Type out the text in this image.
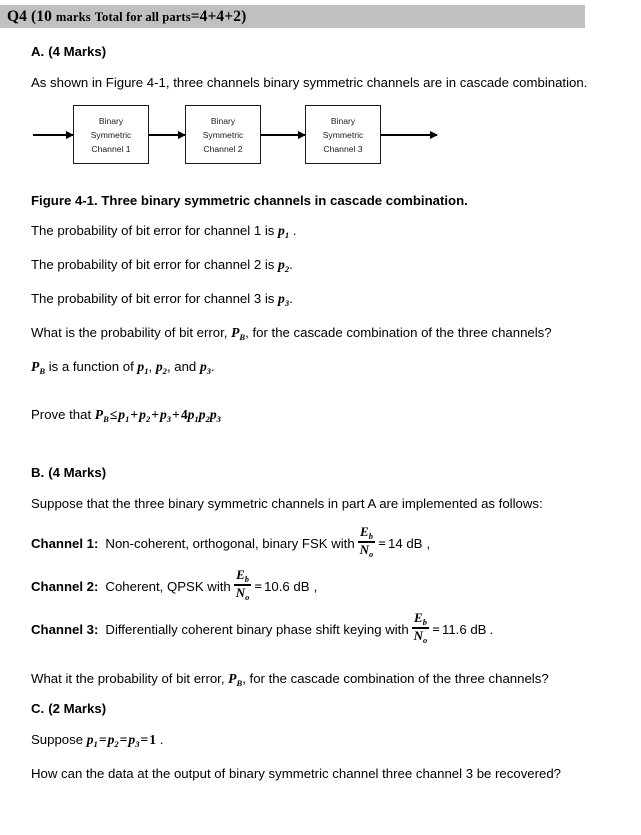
Q4 (10 marks Total for all parts=4+4+2)
A. (4 Marks)

As shown in Figure 4-1, three channels binary symmetric channels are in cascade combination.

Binary
Symmetric
Channel 1
Binary
Symmetric
Channel 2
Binary
Symmetric
Channel 3

Figure 4-1. Three binary symmetric channels in cascade combination.

The probability of bit error for channel 1 is $p_1$ .

The probability of bit error for channel 2 is $p_2$.

The probability of bit error for channel 3 is $p_3$.

What is the probability of bit error, $P_B$, for the cascade combination of the three channels?

$P_B$ is a function of $p_1$, $p_2$, and $p_3$.

Prove that $P_B\le p_1+p_2+p_3+4p_1p_2p_3$

B. (4 Marks)

Suppose that the three binary symmetric channels in part A are implemented as follows:

Channel 1: Non-coherent, orthogonal, binary FSK with $\frac{E_b}{N_o} = 14$ dB ,
Channel 2: Coherent, QPSK with $\frac{E_b}{N_o} = 10.6$ dB ,
Channel 3: Differentially coherent binary phase shift keying with $\frac{E_b}{N_o} = 11.6$ dB .

What it the probability of bit error, $P_B$, for the cascade combination of the three channels?

C. (2 Marks)

Suppose $p_1=p_2=p_3=1$ .

How can the data at the output of binary symmetric channel three channel 3 be recovered?
